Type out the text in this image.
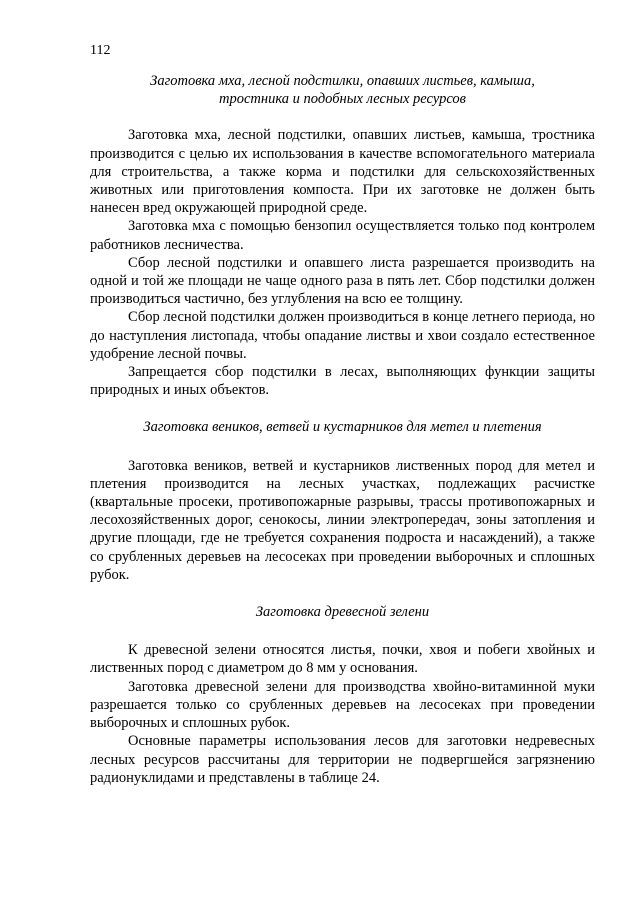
112
Заготовка мха, лесной подстилки, опавших листьев, камыша,
тростника и подобных лесных ресурсов

Заготовка мха, лесной подстилки, опавших листьев, камыша, тростника производится с целью их использования в качестве вспомогательного материала для строительства, а также корма и подстилки для сельскохозяйственных животных или приготовления компоста. При их заготовке не должен быть нанесен вред окружающей природной среде.

Заготовка мха с помощью бензопил осуществляется только под контролем работников лесничества.

Сбор лесной подстилки и опавшего листа разрешается производить на одной и той же площади не чаще одного раза в пять лет. Сбор подстилки должен производиться частично, без углубления на всю ее толщину.

Сбор лесной подстилки должен производиться в конце летнего периода, но до наступления листопада, чтобы опадание листвы и хвои создало естественное удобрение лесной почвы.

Запрещается сбор подстилки в лесах, выполняющих функции защиты природных и иных объектов.

Заготовка веников, ветвей и кустарников для метел и плетения

Заготовка веников, ветвей и кустарников лиственных пород для метел и плетения производится на лесных участках, подлежащих расчистке (квартальные просеки, противопожарные разрывы, трассы противопожарных и лесохозяйственных дорог, сенокосы, линии электропередач, зоны затопления и другие площади, где не требуется сохранения подроста и насаждений), а также со срубленных деревьев на лесосеках при проведении выборочных и сплошных рубок.

Заготовка древесной зелени

К древесной зелени относятся листья, почки, хвоя и побеги хвойных и лиственных пород с диаметром до 8 мм у основания.

Заготовка древесной зелени для производства хвойно-витаминной муки разрешается только со срубленных деревьев на лесосеках при проведении выборочных и сплошных рубок.

Основные параметры использования лесов для заготовки недревесных лесных ресурсов рассчитаны для территории не подвергшейся загрязнению радионуклидами и представлены в таблице 24.
